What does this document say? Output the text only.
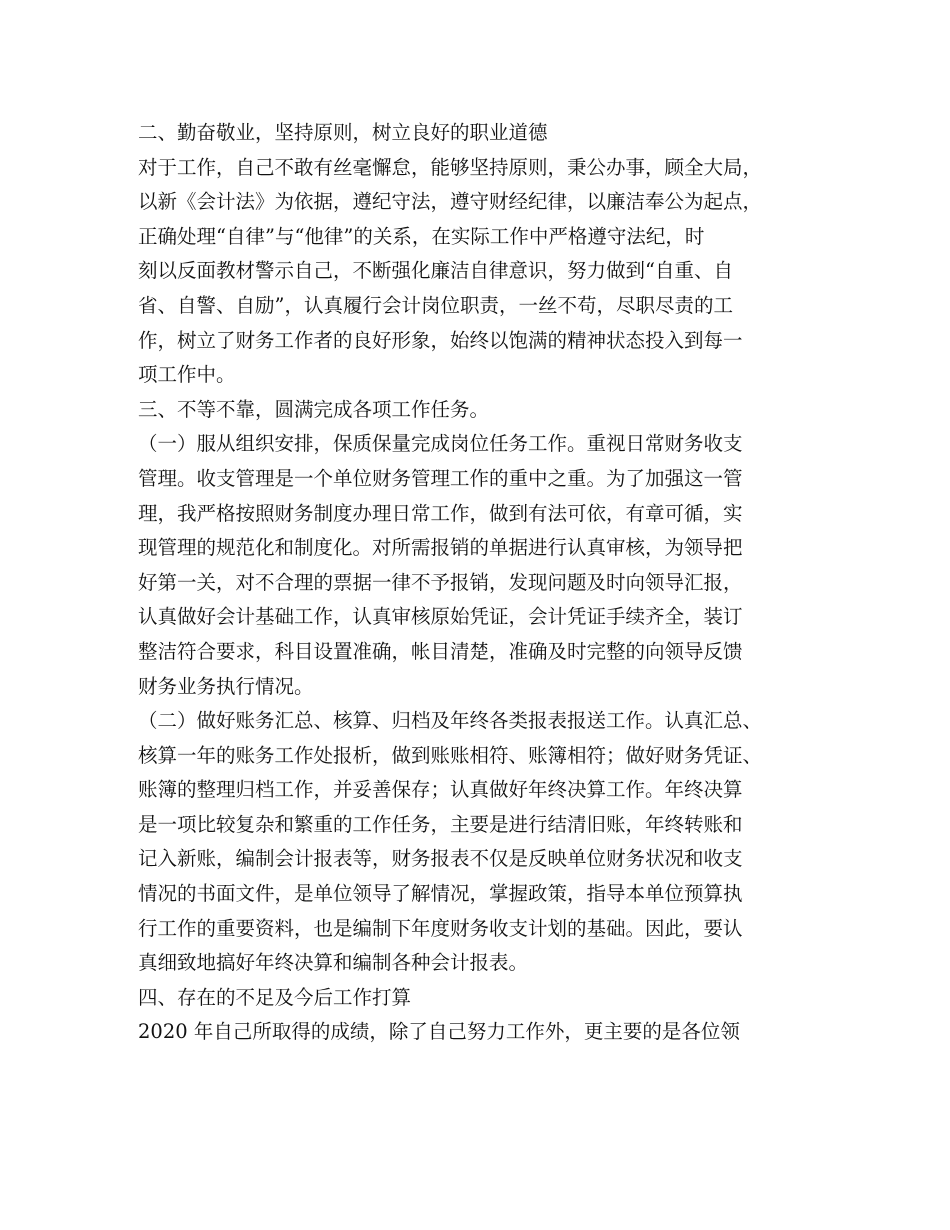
二、勤奋敬业，坚持原则，树立良好的职业道德
对于工作，自己不敢有丝毫懈怠，能够坚持原则，秉公办事，顾全大局，
以新《会计法》为依据，遵纪守法，遵守财经纪律，以廉洁奉公为起点，
正确处理“自律”与“他律”的关系，在实际工作中严格遵守法纪，时
刻以反面教材警示自己，不断强化廉洁自律意识，努力做到“自重、自
省、自警、自励”，认真履行会计岗位职责，一丝不苟，尽职尽责的工
作，树立了财务工作者的良好形象，始终以饱满的精神状态投入到每一
项工作中。
三、不等不靠，圆满完成各项工作任务。
（一）服从组织安排，保质保量完成岗位任务工作。重视日常财务收支
管理。收支管理是一个单位财务管理工作的重中之重。为了加强这一管
理，我严格按照财务制度办理日常工作，做到有法可依，有章可循，实
现管理的规范化和制度化。对所需报销的单据进行认真审核，为领导把
好第一关，对不合理的票据一律不予报销，发现问题及时向领导汇报，
认真做好会计基础工作，认真审核原始凭证，会计凭证手续齐全，装订
整洁符合要求，科目设置准确，帐目清楚，准确及时完整的向领导反馈
财务业务执行情况。
（二）做好账务汇总、核算、归档及年终各类报表报送工作。认真汇总、
核算一年的账务工作处报析，做到账账相符、账簿相符；做好财务凭证、
账簿的整理归档工作，并妥善保存；认真做好年终决算工作。年终决算
是一项比较复杂和繁重的工作任务，主要是进行结清旧账，年终转账和
记入新账，编制会计报表等，财务报表不仅是反映单位财务状况和收支
情况的书面文件，是单位领导了解情况，掌握政策，指导本单位预算执
行工作的重要资料，也是编制下年度财务收支计划的基础。因此，要认
真细致地搞好年终决算和编制各种会计报表。
四、存在的不足及今后工作打算
2020 年自己所取得的成绩，除了自己努力工作外，更主要的是各位领
